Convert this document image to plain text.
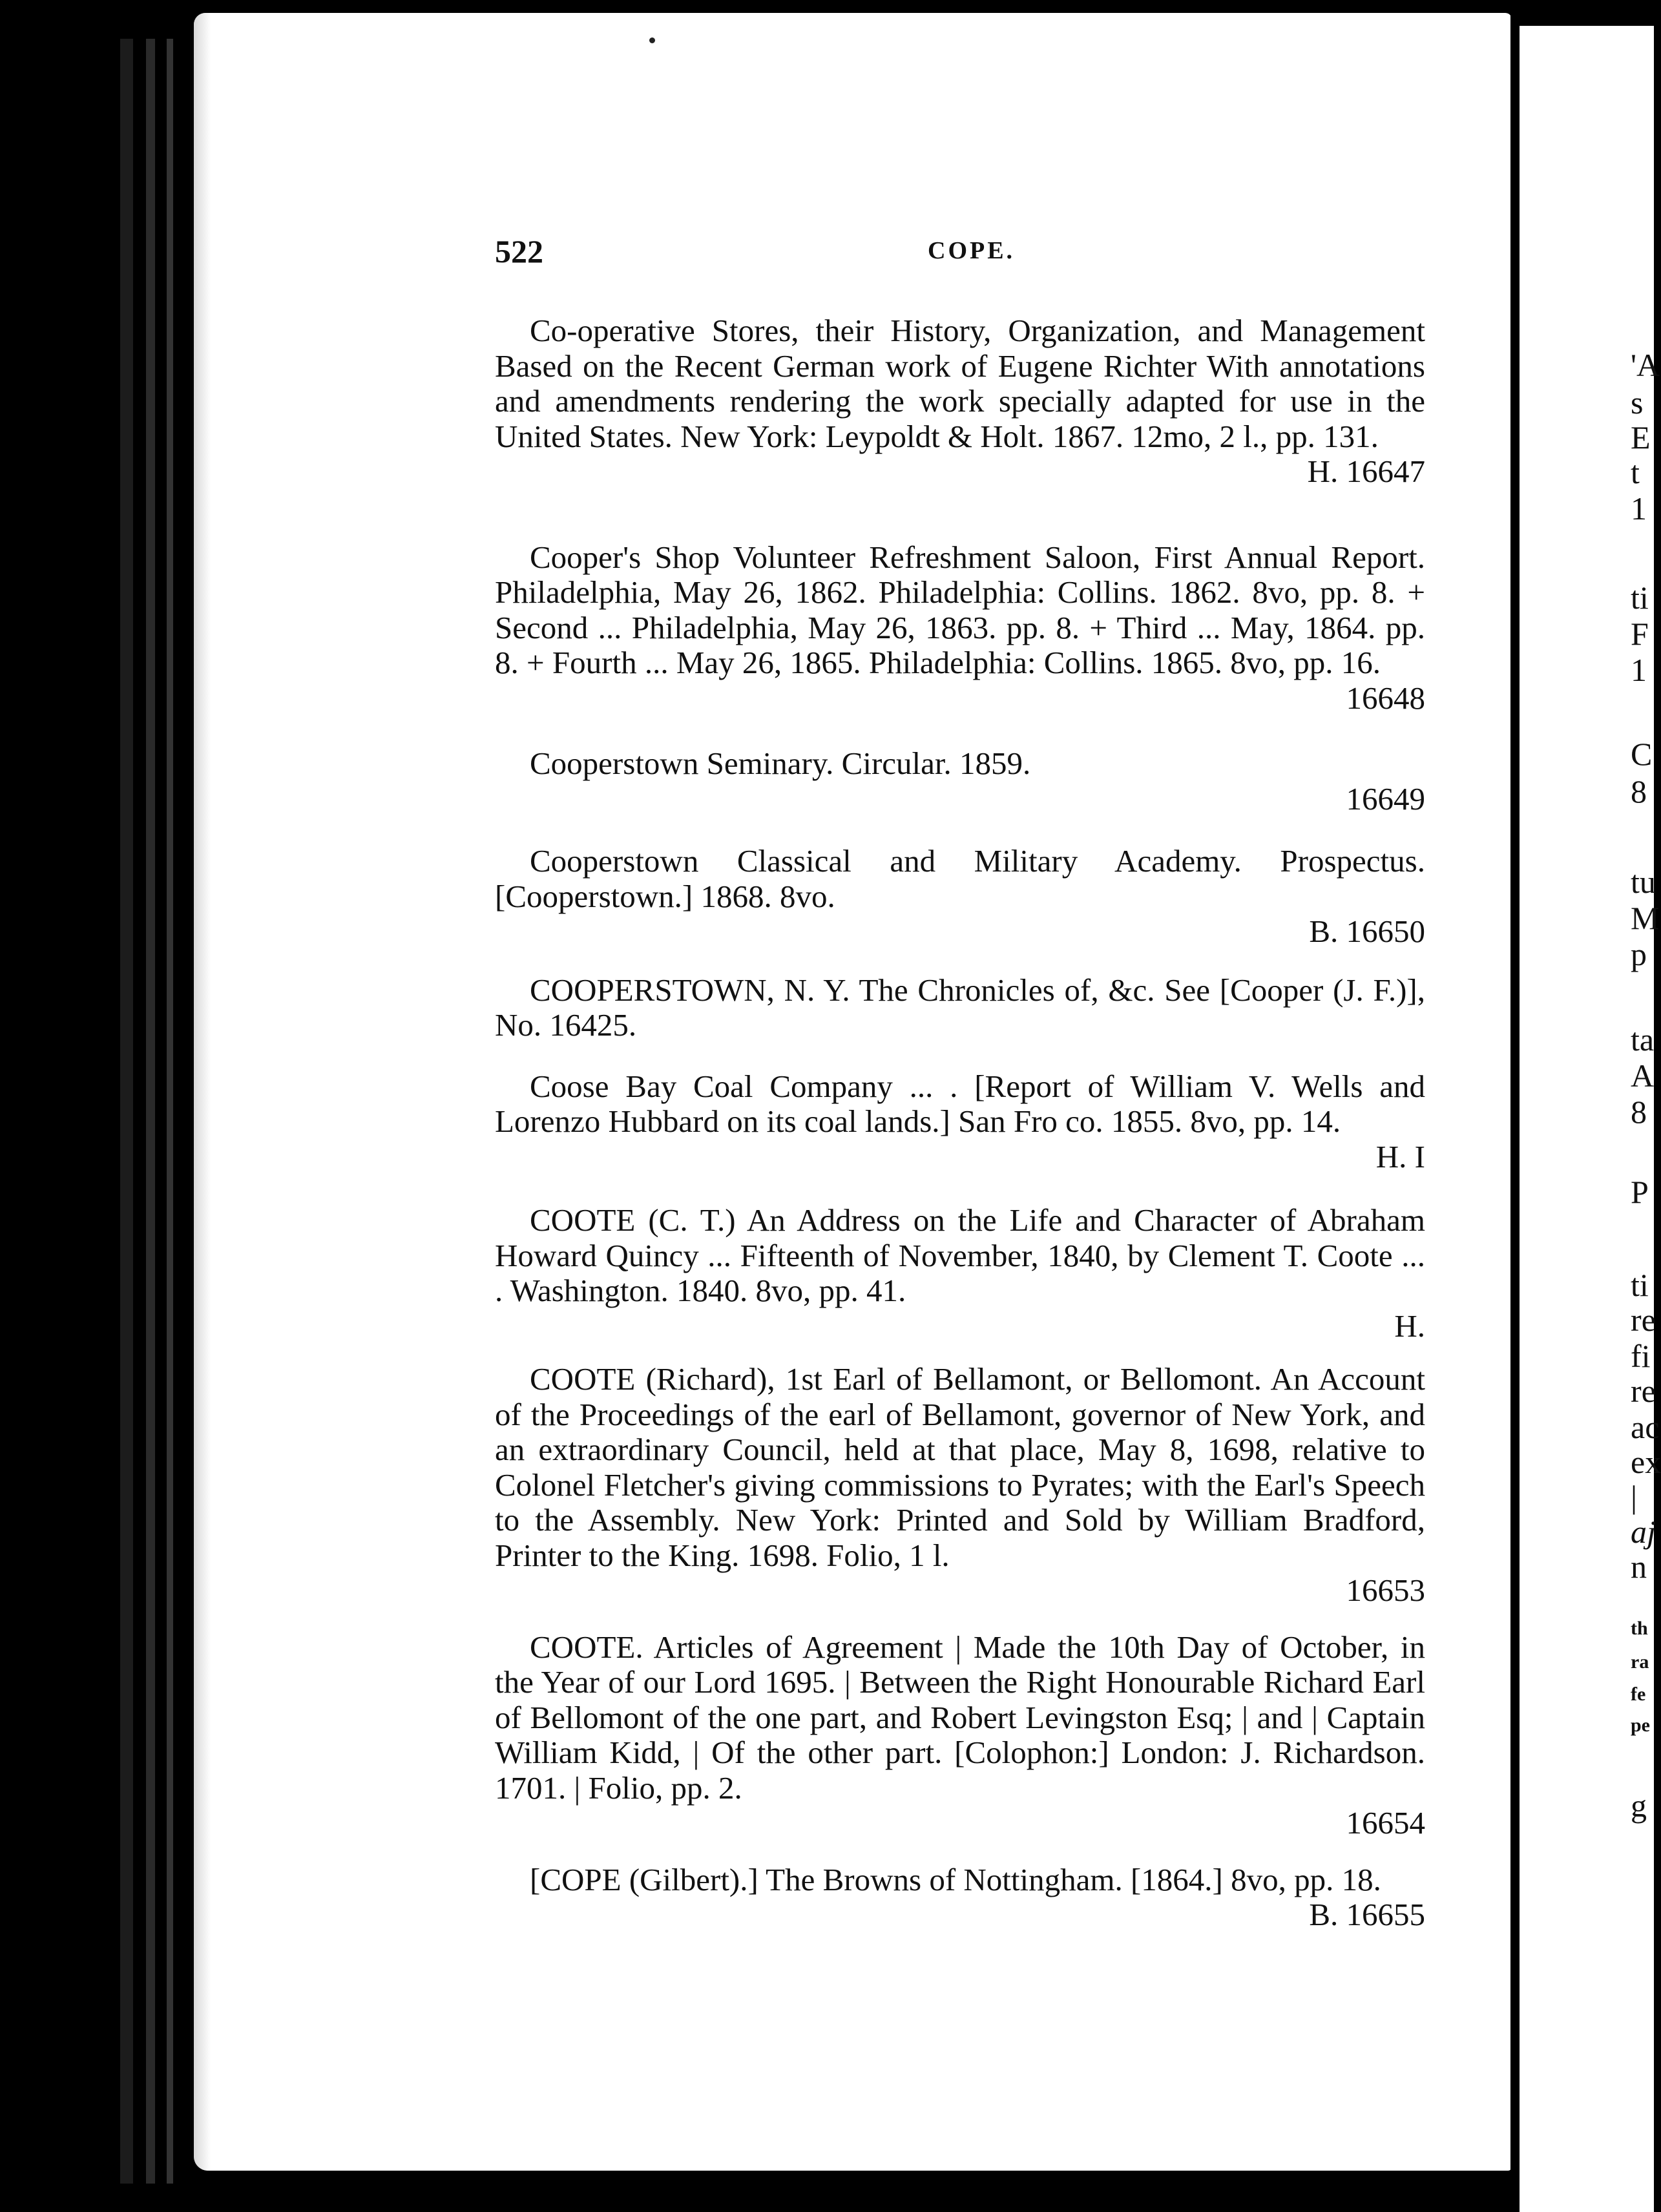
'A
s
E
t
1
ti
F
1
C
8
tu
M
p
ta
A
8
P
ti
re
fi
re
ac
ex
|
aj
n
th
ra
fe
pe
g
522	COPE.
Co-operative Stores, their History, Organization, and Management Based on the Recent German work of Eugene Richter With annotations and amendments rendering the work specially adapted for use in the United States. New York: Leypoldt & Holt. 1867. 12mo, 2 l., pp. 131.
H. 16647
Cooper's Shop Volunteer Refreshment Saloon, First Annual Report. Philadelphia, May 26, 1862. Philadelphia: Collins. 1862. 8vo, pp. 8. + Second ... Philadelphia, May 26, 1863. pp. 8. + Third ... May, 1864. pp. 8. + Fourth ... May 26, 1865. Philadelphia: Collins. 1865. 8vo, pp. 16.
16648
Cooperstown Seminary. Circular. 1859.
16649
Cooperstown Classical and Military Academy. Prospectus. [Cooperstown.] 1868. 8vo.
B. 16650
COOPERSTOWN, N. Y. The Chronicles of, &c. See [Cooper (J. F.)], No. 16425.
Coose Bay Coal Company ... . [Report of William V. Wells and Lorenzo Hubbard on its coal lands.] San Fro co. 1855. 8vo, pp. 14.
H. I
COOTE (C. T.) An Address on the Life and Character of Abraham Howard Quincy ... Fifteenth of November, 1840, by Clement T. Coote ... . Washington. 1840. 8vo, pp. 41.
H.
COOTE (Richard), 1st Earl of Bellamont, or Bellomont. An Account of the Proceedings of the earl of Bellamont, governor of New York, and an extraordinary Council, held at that place, May 8, 1698, relative to Colonel Fletcher's giving commissions to Pyrates; with the Earl's Speech to the Assembly. New York: Printed and Sold by William Bradford, Printer to the King. 1698. Folio, 1 l.
16653
COOTE. Articles of Agreement | Made the 10th Day of October, in the Year of our Lord 1695. | Between the Right Honourable Richard Earl of Bellomont of the one part, and Robert Levingston Esq; | and | Captain William Kidd, | Of the other part. [Colophon:] London: J. Richardson. 1701. | Folio, pp. 2.
16654
[COPE (Gilbert).] The Browns of Nottingham. [1864.] 8vo, pp. 18.
B. 16655
